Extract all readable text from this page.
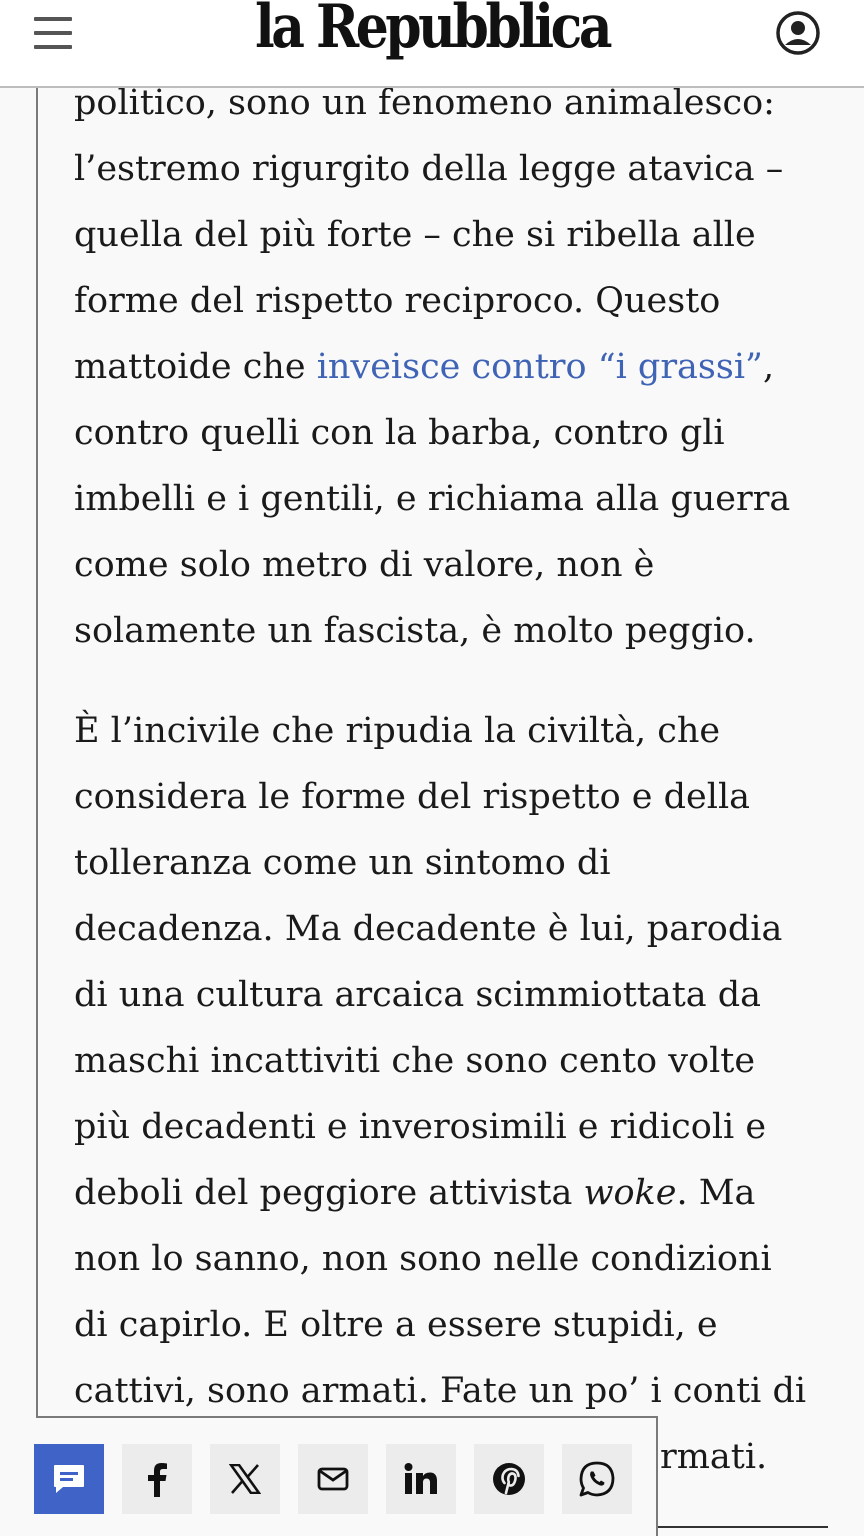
la Repubblica

politico, sono un fenomeno animalesco:
l’estremo rigurgito della legge atavica –
quella del più forte – che si ribella alle
forme del rispetto reciproco. Questo
mattoide che inveisce contro “i grassi”,
contro quelli con la barba, contro gli
imbelli e i gentili, e richiama alla guerra
come solo metro di valore, non è
solamente un fascista, è molto peggio.

È l’incivile che ripudia la civiltà, che
considera le forme del rispetto e della
tolleranza come un sintomo di
decadenza. Ma decadente è lui, parodia
di una cultura arcaica scimmiottata da
maschi incattiviti che sono cento volte
più decadenti e inverosimili e ridicoli e
deboli del peggiore attivista woke. Ma
non lo sanno, non sono nelle condizioni
di capirlo. E oltre a essere stupidi, e
cattivi, sono armati. Fate un po’ i conti di

rmati.
